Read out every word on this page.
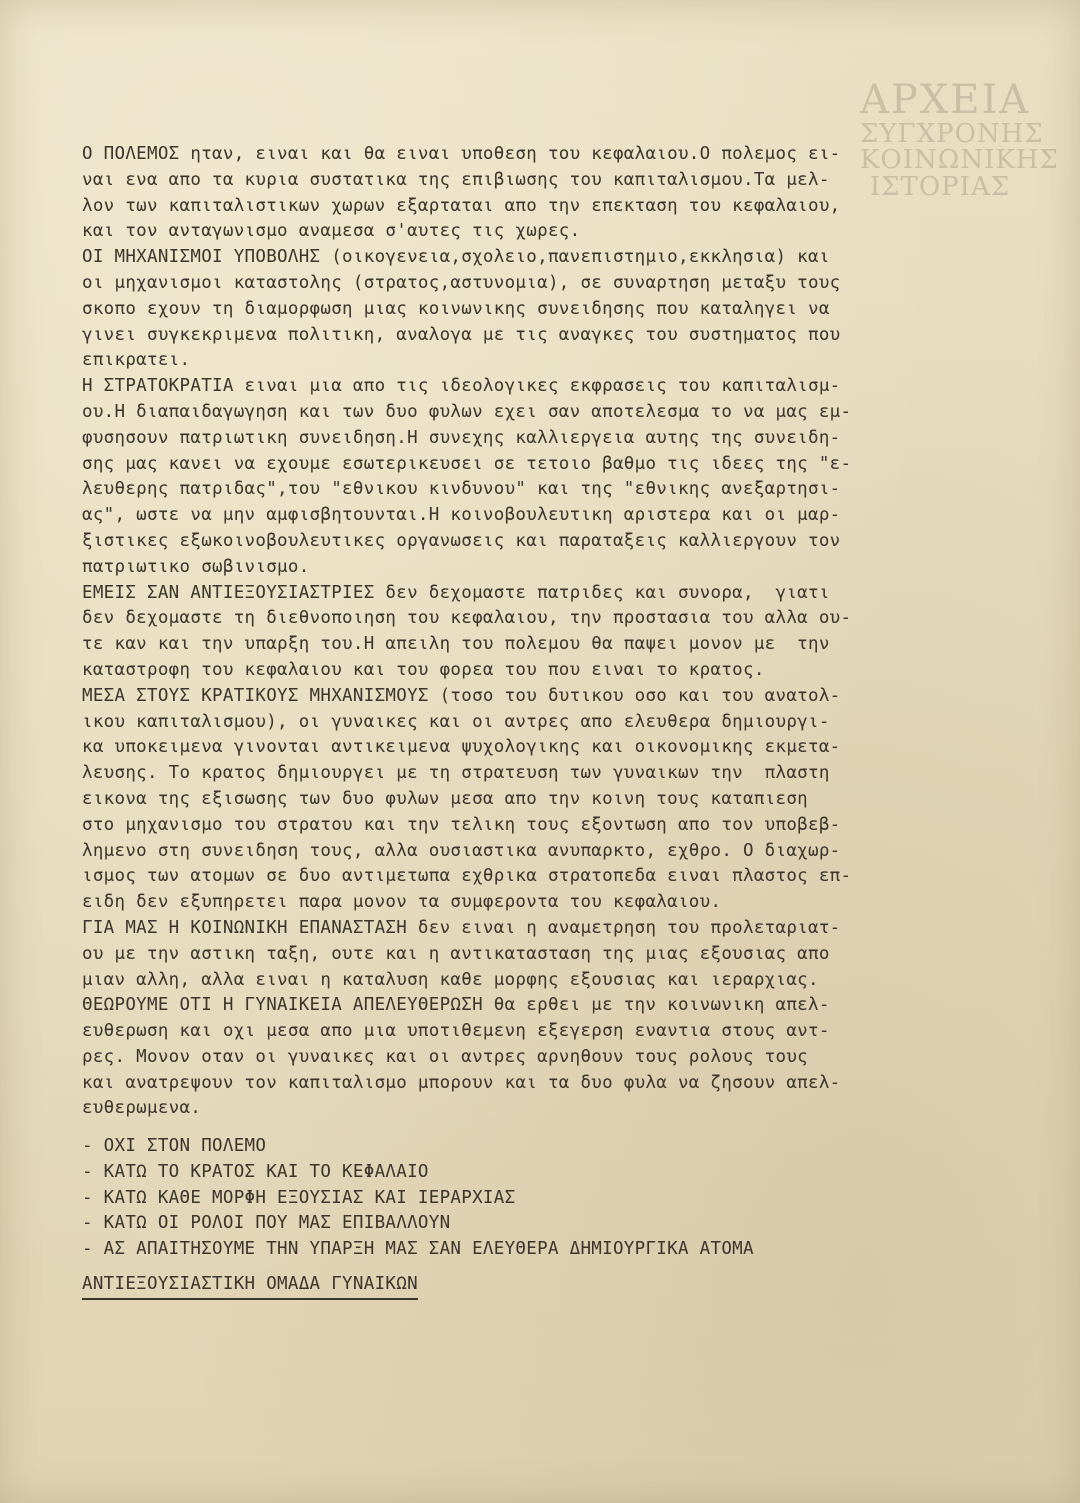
ΑΡΧΕΙΑ
ΣΥΓΧΡΟΝΗΣ
ΚΟΙΝΩΝΙΚΗΣ
ΙΣΤΟΡΙΑΣ
Ο ΠΟΛΕΜΟΣ ηταν, ειναι και θα ειναι υποθεση του κεφαλαιου.Ο πολεμος ει-
ναι ενα απο τα κυρια συστατικα της επιβιωσης του καπιταλισμου.Τα μελ-
λον των καπιταλιστικων χωρων εξαρταται απο την επεκταση του κεφαλαιου,
και τον ανταγωνισμο αναμεσα σ'αυτες τις χωρες.
ΟΙ ΜΗΧΑΝΙΣΜΟΙ ΥΠΟΒΟΛΗΣ (οικογενεια,σχολειο,πανεπιστημιο,εκκλησια) και
οι μηχανισμοι καταστολης (στρατος,αστυνομια), σε συναρτηση μεταξυ τους
σκοπο εχουν τη διαμορφωση μιας κοινωνικης συνειδησης που καταληγει να
γινει συγκεκριμενα πολιτικη, αναλογα με τις αναγκες του συστηματος που
επικρατει.
Η ΣΤΡΑΤΟΚΡΑΤΙΑ ειναι μια απο τις ιδεολογικες εκφρασεις του καπιταλισμ-
ου.Η διαπαιδαγωγηση και των δυο φυλων εχει σαν αποτελεσμα το να μας εμ-
φυσησουν πατριωτικη συνειδηση.Η συνεχης καλλιεργεια αυτης της συνειδη-
σης μας κανει να εχουμε εσωτερικευσει σε τετοιο βαθμο τις ιδεες της "ε-
λευθερης πατριδας",του "εθνικου κινδυνου" και της "εθνικης ανεξαρτησι-
ας", ωστε να μην αμφισβητουνται.Η κοινοβουλευτικη αριστερα και οι μαρ-
ξιστικες εξωκοινοβουλευτικες οργανωσεις και παραταξεις καλλιεργουν τον
πατριωτικο σωβινισμο.
ΕΜΕΙΣ ΣΑΝ ΑΝΤΙΕΞΟΥΣΙΑΣΤΡΙΕΣ δεν δεχομαστε πατριδες και συνορα,  γιατι
δεν δεχομαστε τη διεθνοποιηση του κεφαλαιου, την προστασια του αλλα ου-
τε καν και την υπαρξη του.Η απειλη του πολεμου θα παψει μονον με  την
καταστροφη του κεφαλαιου και του φορεα του που ειναι το κρατος.
ΜΕΣΑ ΣΤΟΥΣ ΚΡΑΤΙΚΟΥΣ ΜΗΧΑΝΙΣΜΟΥΣ (τοσο του δυτικου οσο και του ανατολ-
ικου καπιταλισμου), οι γυναικες και οι αντρες απο ελευθερα δημιουργι-
κα υποκειμενα γινονται αντικειμενα ψυχολογικης και οικονομικης εκμετα-
λευσης. Το κρατος δημιουργει με τη στρατευση των γυναικων την  πλαστη
εικονα της εξισωσης των δυο φυλων μεσα απο την κοινη τους καταπιεση
στο μηχανισμο του στρατου και την τελικη τους εξοντωση απο τον υποβεβ-
λημενο στη συνειδηση τους, αλλα ουσιαστικα ανυπαρκτο, εχθρο. Ο διαχωρ-
ισμος των ατομων σε δυο αντιμετωπα εχθρικα στρατοπεδα ειναι πλαστος επ-
ειδη δεν εξυπηρετει παρα μονον τα συμφεροντα του κεφαλαιου.
ΓΙΑ ΜΑΣ Η ΚΟΙΝΩΝΙΚΗ ΕΠΑΝΑΣΤΑΣΗ δεν ειναι η αναμετρηση του προλεταριατ-
ου με την αστικη ταξη, ουτε και η αντικατασταση της μιας εξουσιας απο
μιαν αλλη, αλλα ειναι η καταλυση καθε μορφης εξουσιας και ιεραρχιας.
ΘΕΩΡΟΥΜΕ ΟΤΙ Η ΓΥΝΑΙΚΕΙΑ ΑΠΕΛΕΥΘΕΡΩΣΗ θα ερθει με την κοινωνικη απελ-
ευθερωση και οχι μεσα απο μια υποτιθεμενη εξεγερση εναντια στους αντ-
ρες. Μονον οταν οι γυναικες και οι αντρες αρνηθουν τους ρολους τους
και ανατρεψουν τον καπιταλισμο μπορουν και τα δυο φυλα να ζησουν απελ-
ευθερωμενα.
- ΟΧΙ ΣΤΟΝ ΠΟΛΕΜΟ
- ΚΑΤΩ ΤΟ ΚΡΑΤΟΣ ΚΑΙ ΤΟ ΚΕΦΑΛΑΙΟ
- ΚΑΤΩ ΚΑΘΕ ΜΟΡΦΗ ΕΞΟΥΣΙΑΣ ΚΑΙ ΙΕΡΑΡΧΙΑΣ
- ΚΑΤΩ ΟΙ ΡΟΛΟΙ ΠΟΥ ΜΑΣ ΕΠΙΒΑΛΛΟΥΝ
- ΑΣ ΑΠΑΙΤΗΣΟΥΜΕ ΤΗΝ ΥΠΑΡΞΗ ΜΑΣ ΣΑΝ ΕΛΕΥΘΕΡΑ ΔΗΜΙΟΥΡΓΙΚΑ ΑΤΟΜΑ
ΑΝΤΙΕΞΟΥΣΙΑΣΤΙΚΗ ΟΜΑΔΑ ΓΥΝΑΙΚΩΝ
